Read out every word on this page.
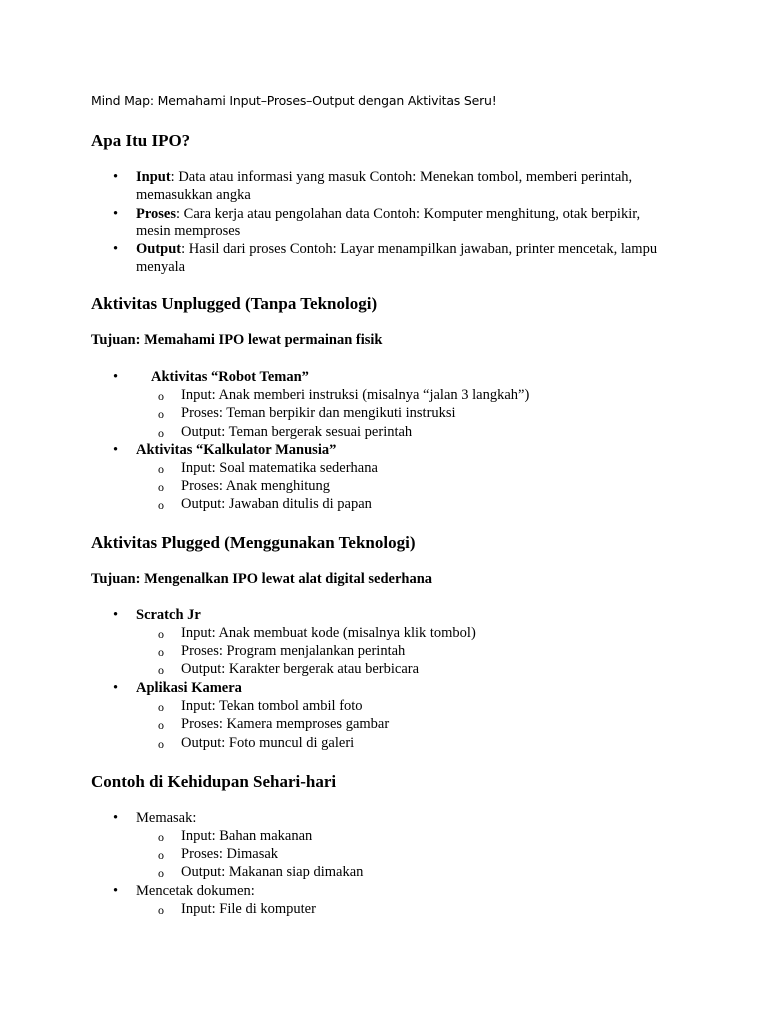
Mind Map: Memahami Input–Proses–Output dengan Aktivitas Seru!
Apa Itu IPO?
• Input: Data atau informasi yang masuk Contoh: Menekan tombol, memberi perintah,
memasukkan angka
• Proses: Cara kerja atau pengolahan data Contoh: Komputer menghitung, otak berpikir,
mesin memproses
• Output: Hasil dari proses Contoh: Layar menampilkan jawaban, printer mencetak, lampu
menyala
Aktivitas Unplugged (Tanpa Teknologi)
Tujuan: Memahami IPO lewat permainan fisik
• Aktivitas “Robot Teman”
o Input: Anak memberi instruksi (misalnya “jalan 3 langkah”)
o Proses: Teman berpikir dan mengikuti instruksi
o Output: Teman bergerak sesuai perintah
• Aktivitas “Kalkulator Manusia”
o Input: Soal matematika sederhana
o Proses: Anak menghitung
o Output: Jawaban ditulis di papan
Aktivitas Plugged (Menggunakan Teknologi)
Tujuan: Mengenalkan IPO lewat alat digital sederhana
• Scratch Jr
o Input: Anak membuat kode (misalnya klik tombol)
o Proses: Program menjalankan perintah
o Output: Karakter bergerak atau berbicara
• Aplikasi Kamera
o Input: Tekan tombol ambil foto
o Proses: Kamera memproses gambar
o Output: Foto muncul di galeri
Contoh di Kehidupan Sehari-hari
• Memasak:
o Input: Bahan makanan
o Proses: Dimasak
o Output: Makanan siap dimakan
• Mencetak dokumen:
o Input: File di komputer
